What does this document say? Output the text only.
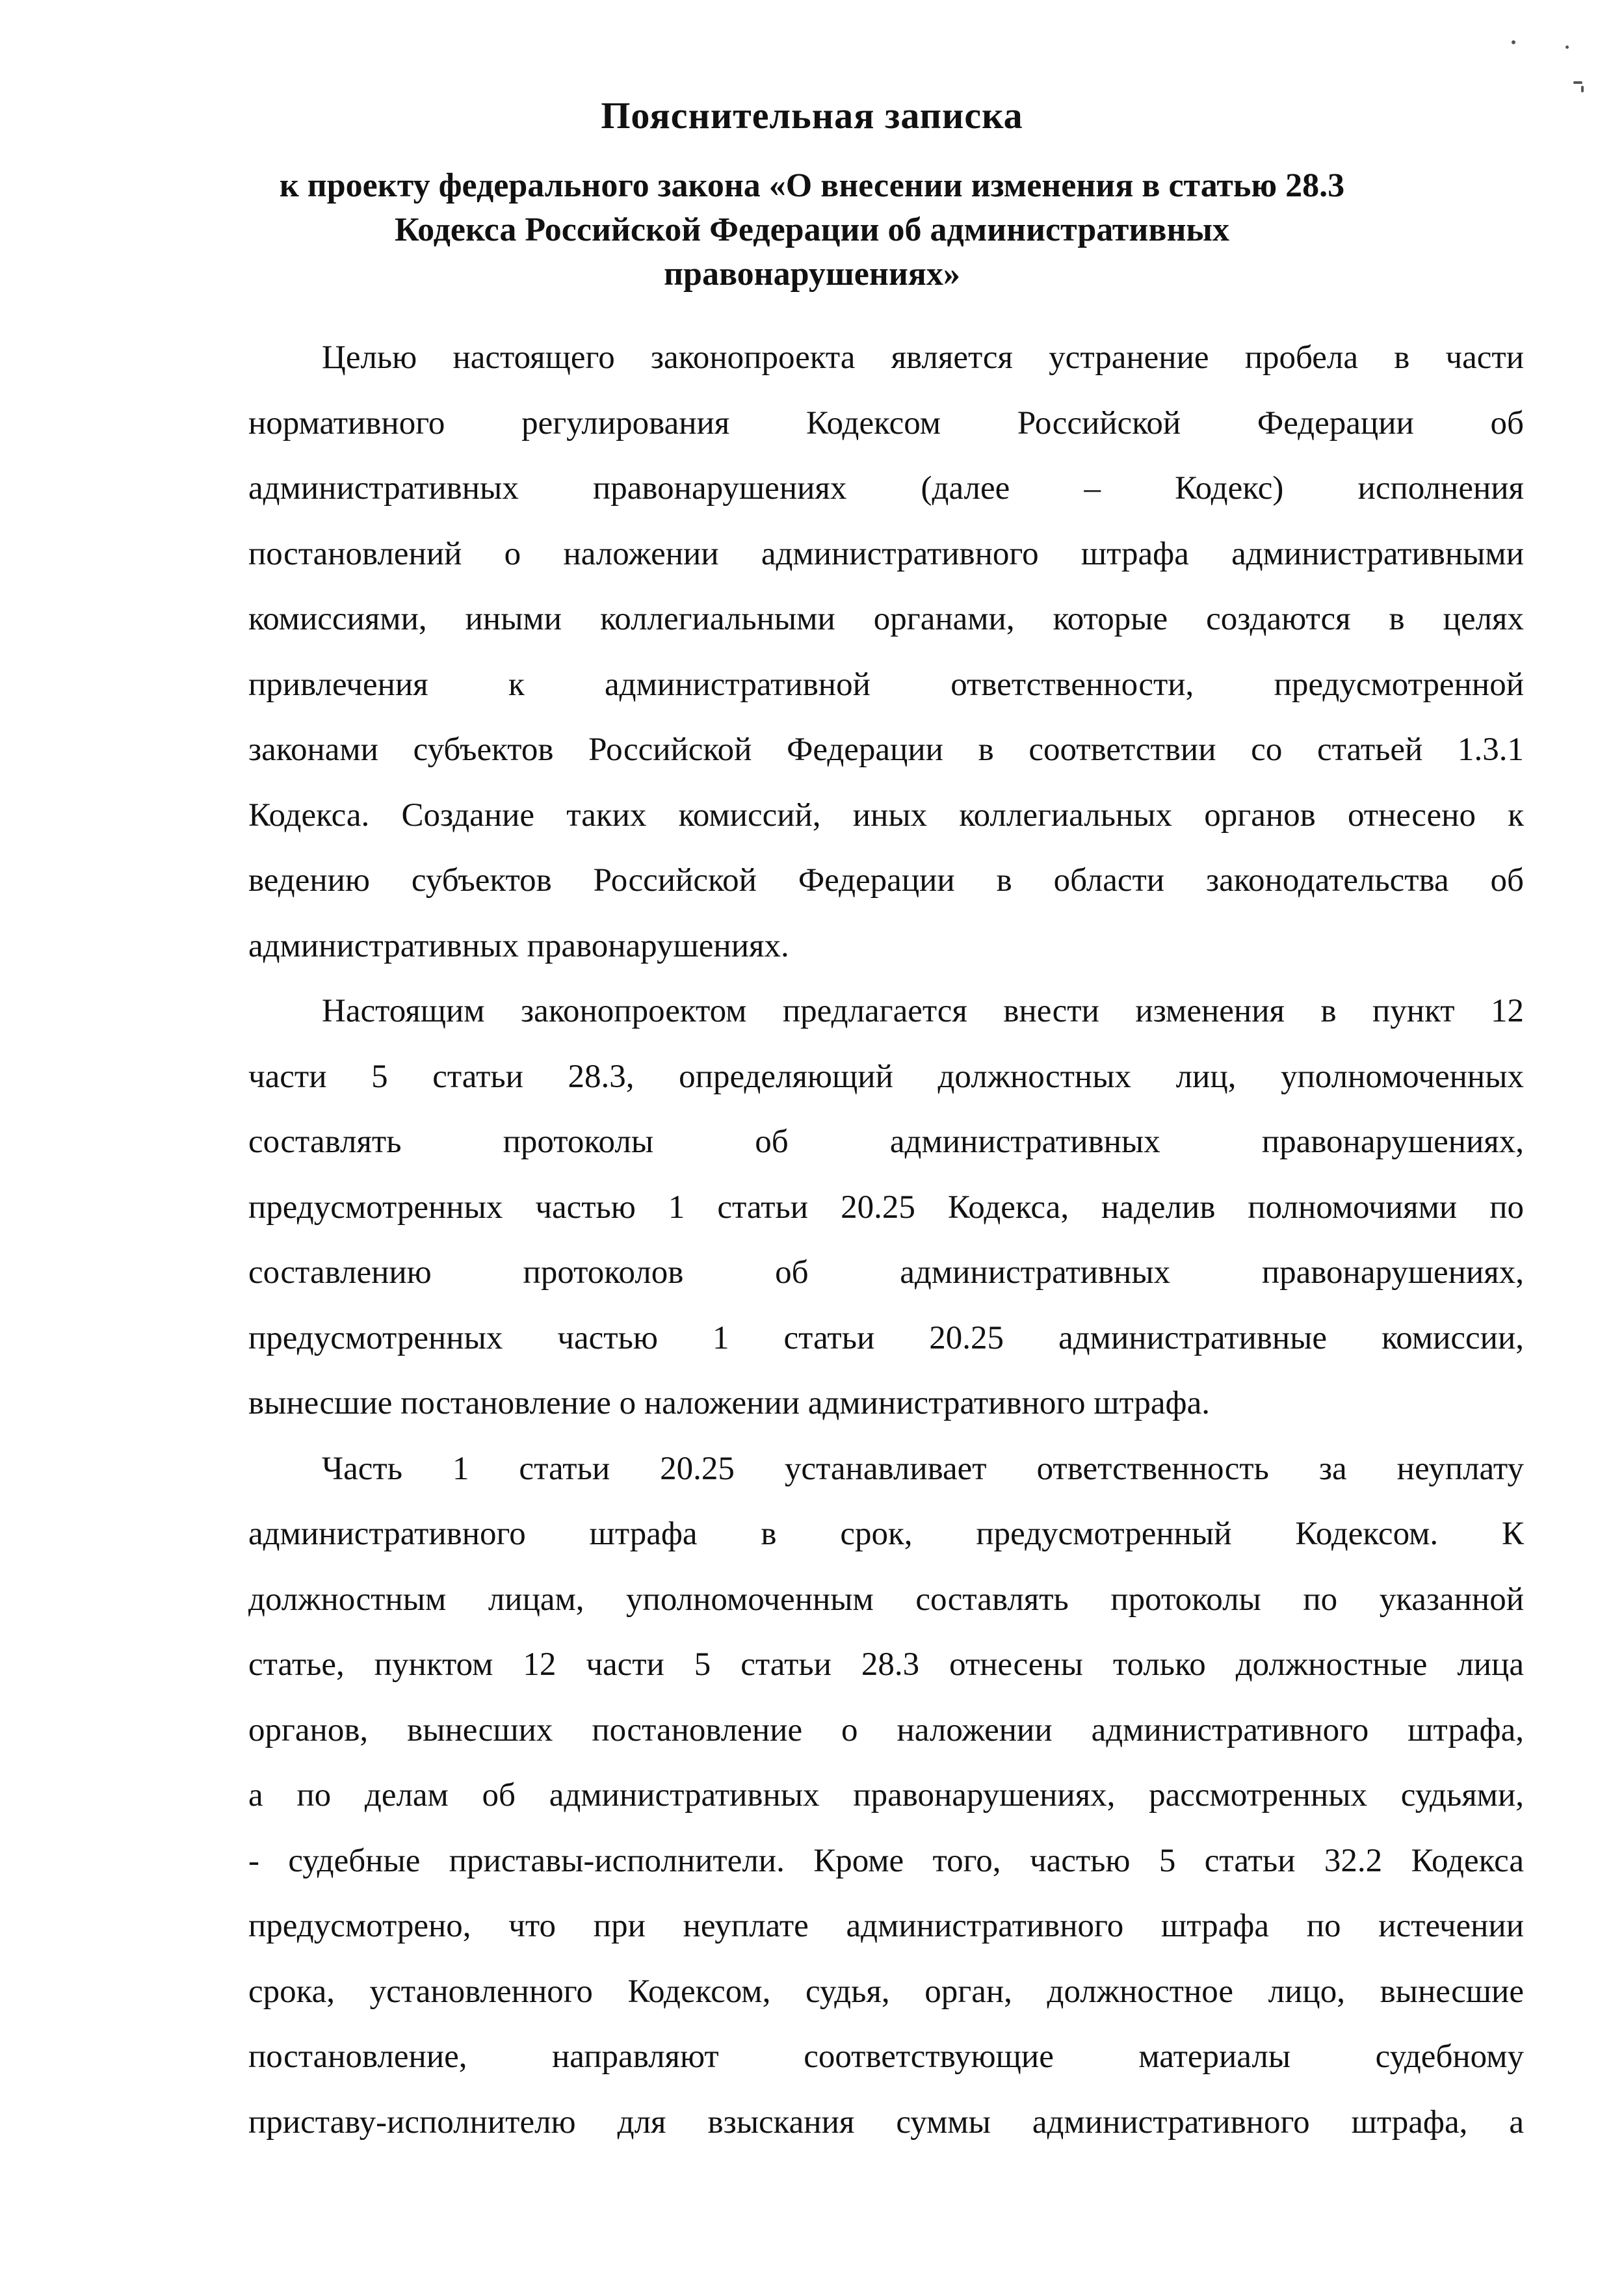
Пояснительная записка
к проекту федерального закона «О внесении изменения в статью 28.3
Кодекса Российской Федерации об административных
правонарушениях»
Целью настоящего законопроекта является устранение пробела в части
нормативного регулирования Кодексом Российской Федерации об
административных правонарушениях (далее – Кодекс) исполнения
постановлений о наложении административного штрафа административными
комиссиями, иными коллегиальными органами, которые создаются в целях
привлечения к административной ответственности, предусмотренной
законами субъектов Российской Федерации в соответствии со статьей 1.3.1
Кодекса. Создание таких комиссий, иных коллегиальных органов отнесено к
ведению субъектов Российской Федерации в области законодательства об
административных правонарушениях.
Настоящим законопроектом предлагается внести изменения в пункт 12
части 5 статьи 28.3, определяющий должностных лиц, уполномоченных
составлять протоколы об административных правонарушениях,
предусмотренных частью 1 статьи 20.25 Кодекса, наделив полномочиями по
составлению протоколов об административных правонарушениях,
предусмотренных частью 1 статьи 20.25 административные комиссии,
вынесшие постановление о наложении административного штрафа.
Часть 1 статьи 20.25 устанавливает ответственность за неуплату
административного штрафа в срок, предусмотренный Кодексом. К
должностным лицам, уполномоченным составлять протоколы по указанной
статье, пунктом 12 части 5 статьи 28.3 отнесены только должностные лица
органов, вынесших постановление о наложении административного штрафа,
а по делам об административных правонарушениях, рассмотренных судьями,
- судебные приставы-исполнители. Кроме того, частью 5 статьи 32.2 Кодекса
предусмотрено, что при неуплате административного штрафа по истечении
срока, установленного Кодексом, судья, орган, должностное лицо, вынесшие
постановление, направляют соответствующие материалы судебному
приставу-исполнителю для взыскания суммы административного штрафа, а
